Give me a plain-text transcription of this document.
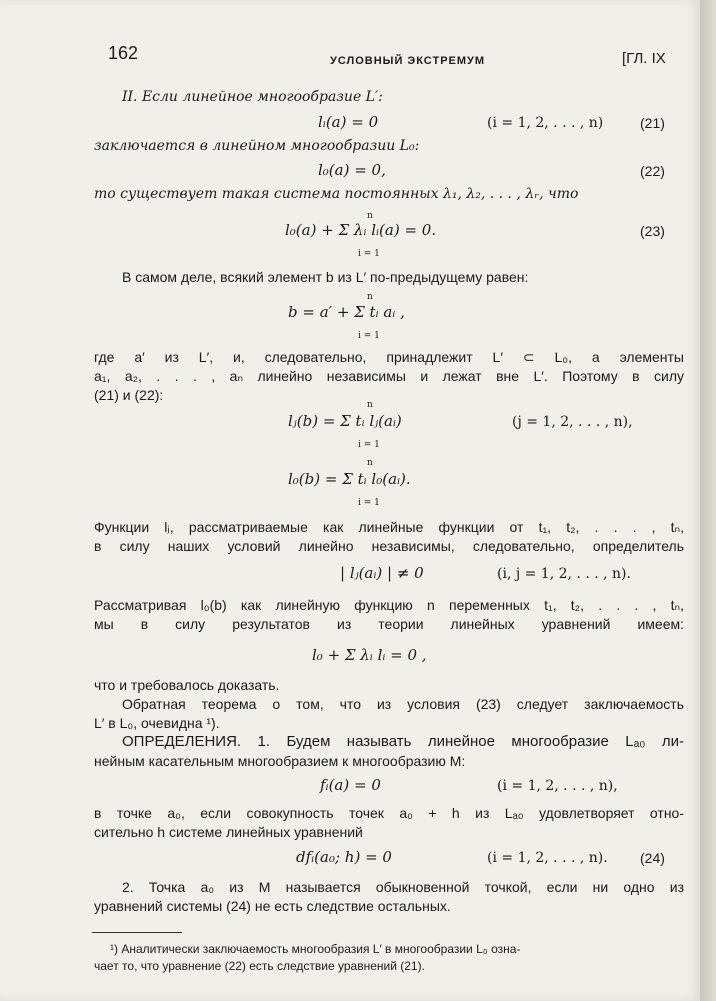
162	УСЛОВНЫЙ ЭКСТРЕМУМ	[ГЛ. IX
II. Если линейное многообразие L′:
lᵢ(a) = 0	(i = 1, 2, . . . , n)	(21)
заключается в линейном многообразии L₀:
l₀(a) = 0,	(22)
то существует такая система постоянных λ₁, λ₂, . . . , λᵣ, что
n
l₀(a) + Σ λᵢ lᵢ(a) = 0.
i = 1
(23)
В самом деле, всякий элемент b из L′ по-предыдущему равен:
n
b = a′ + Σ tᵢ aᵢ ,
i = 1
где a′ из L′, и, следовательно, принадлежит L′ ⊂ L₀, а элементы
a₁, a₂, . . . , aₙ линейно независимы и лежат вне L′. Поэтому в силу
(21) и (22):
n
lⱼ(b) = Σ tᵢ lⱼ(aᵢ)	(j = 1, 2, . . . , n),
i = 1
n
l₀(b) = Σ tᵢ l₀(aᵢ).
i = 1
Функции lⱼ, рассматриваемые как линейные функции от t₁, t₂, . . . , tₙ,
в силу наших условий линейно независимы, следовательно, определитель
| lⱼ(aᵢ) | ≠ 0	(i, j = 1, 2, . . . , n).
Рассматривая l₀(b) как линейную функцию n переменных t₁, t₂, . . . , tₙ,
мы в силу результатов из теории линейных уравнений имеем:
l₀ + Σ λᵢ lᵢ = 0 ,
что и требовалось доказать.
Обратная теорема о том, что из условия (23) следует заключаемость
L′ в L₀, очевидна ¹).
ОПРЕДЕЛЕНИЯ. 1. Будем называть линейное многообразие Lₐ₀ ли-
нейным касательным многообразием к многообразию M:
fᵢ(a) = 0	(i = 1, 2, . . . , n),
в точке a₀, если совокупность точек a₀ + h из Lₐ₀ удовлетворяет отно-
сительно h системе линейных уравнений
dfᵢ(a₀; h) = 0	(i = 1, 2, . . . , n). (24)
2. Точка a₀ из M называется обыкновенной точкой, если ни одно из
уравнений системы (24) не есть следствие остальных.
¹) Аналитически заключаемость многообразия L′ в многообразии L₀ озна-
чает то, что уравнение (22) есть следствие уравнений (21).
